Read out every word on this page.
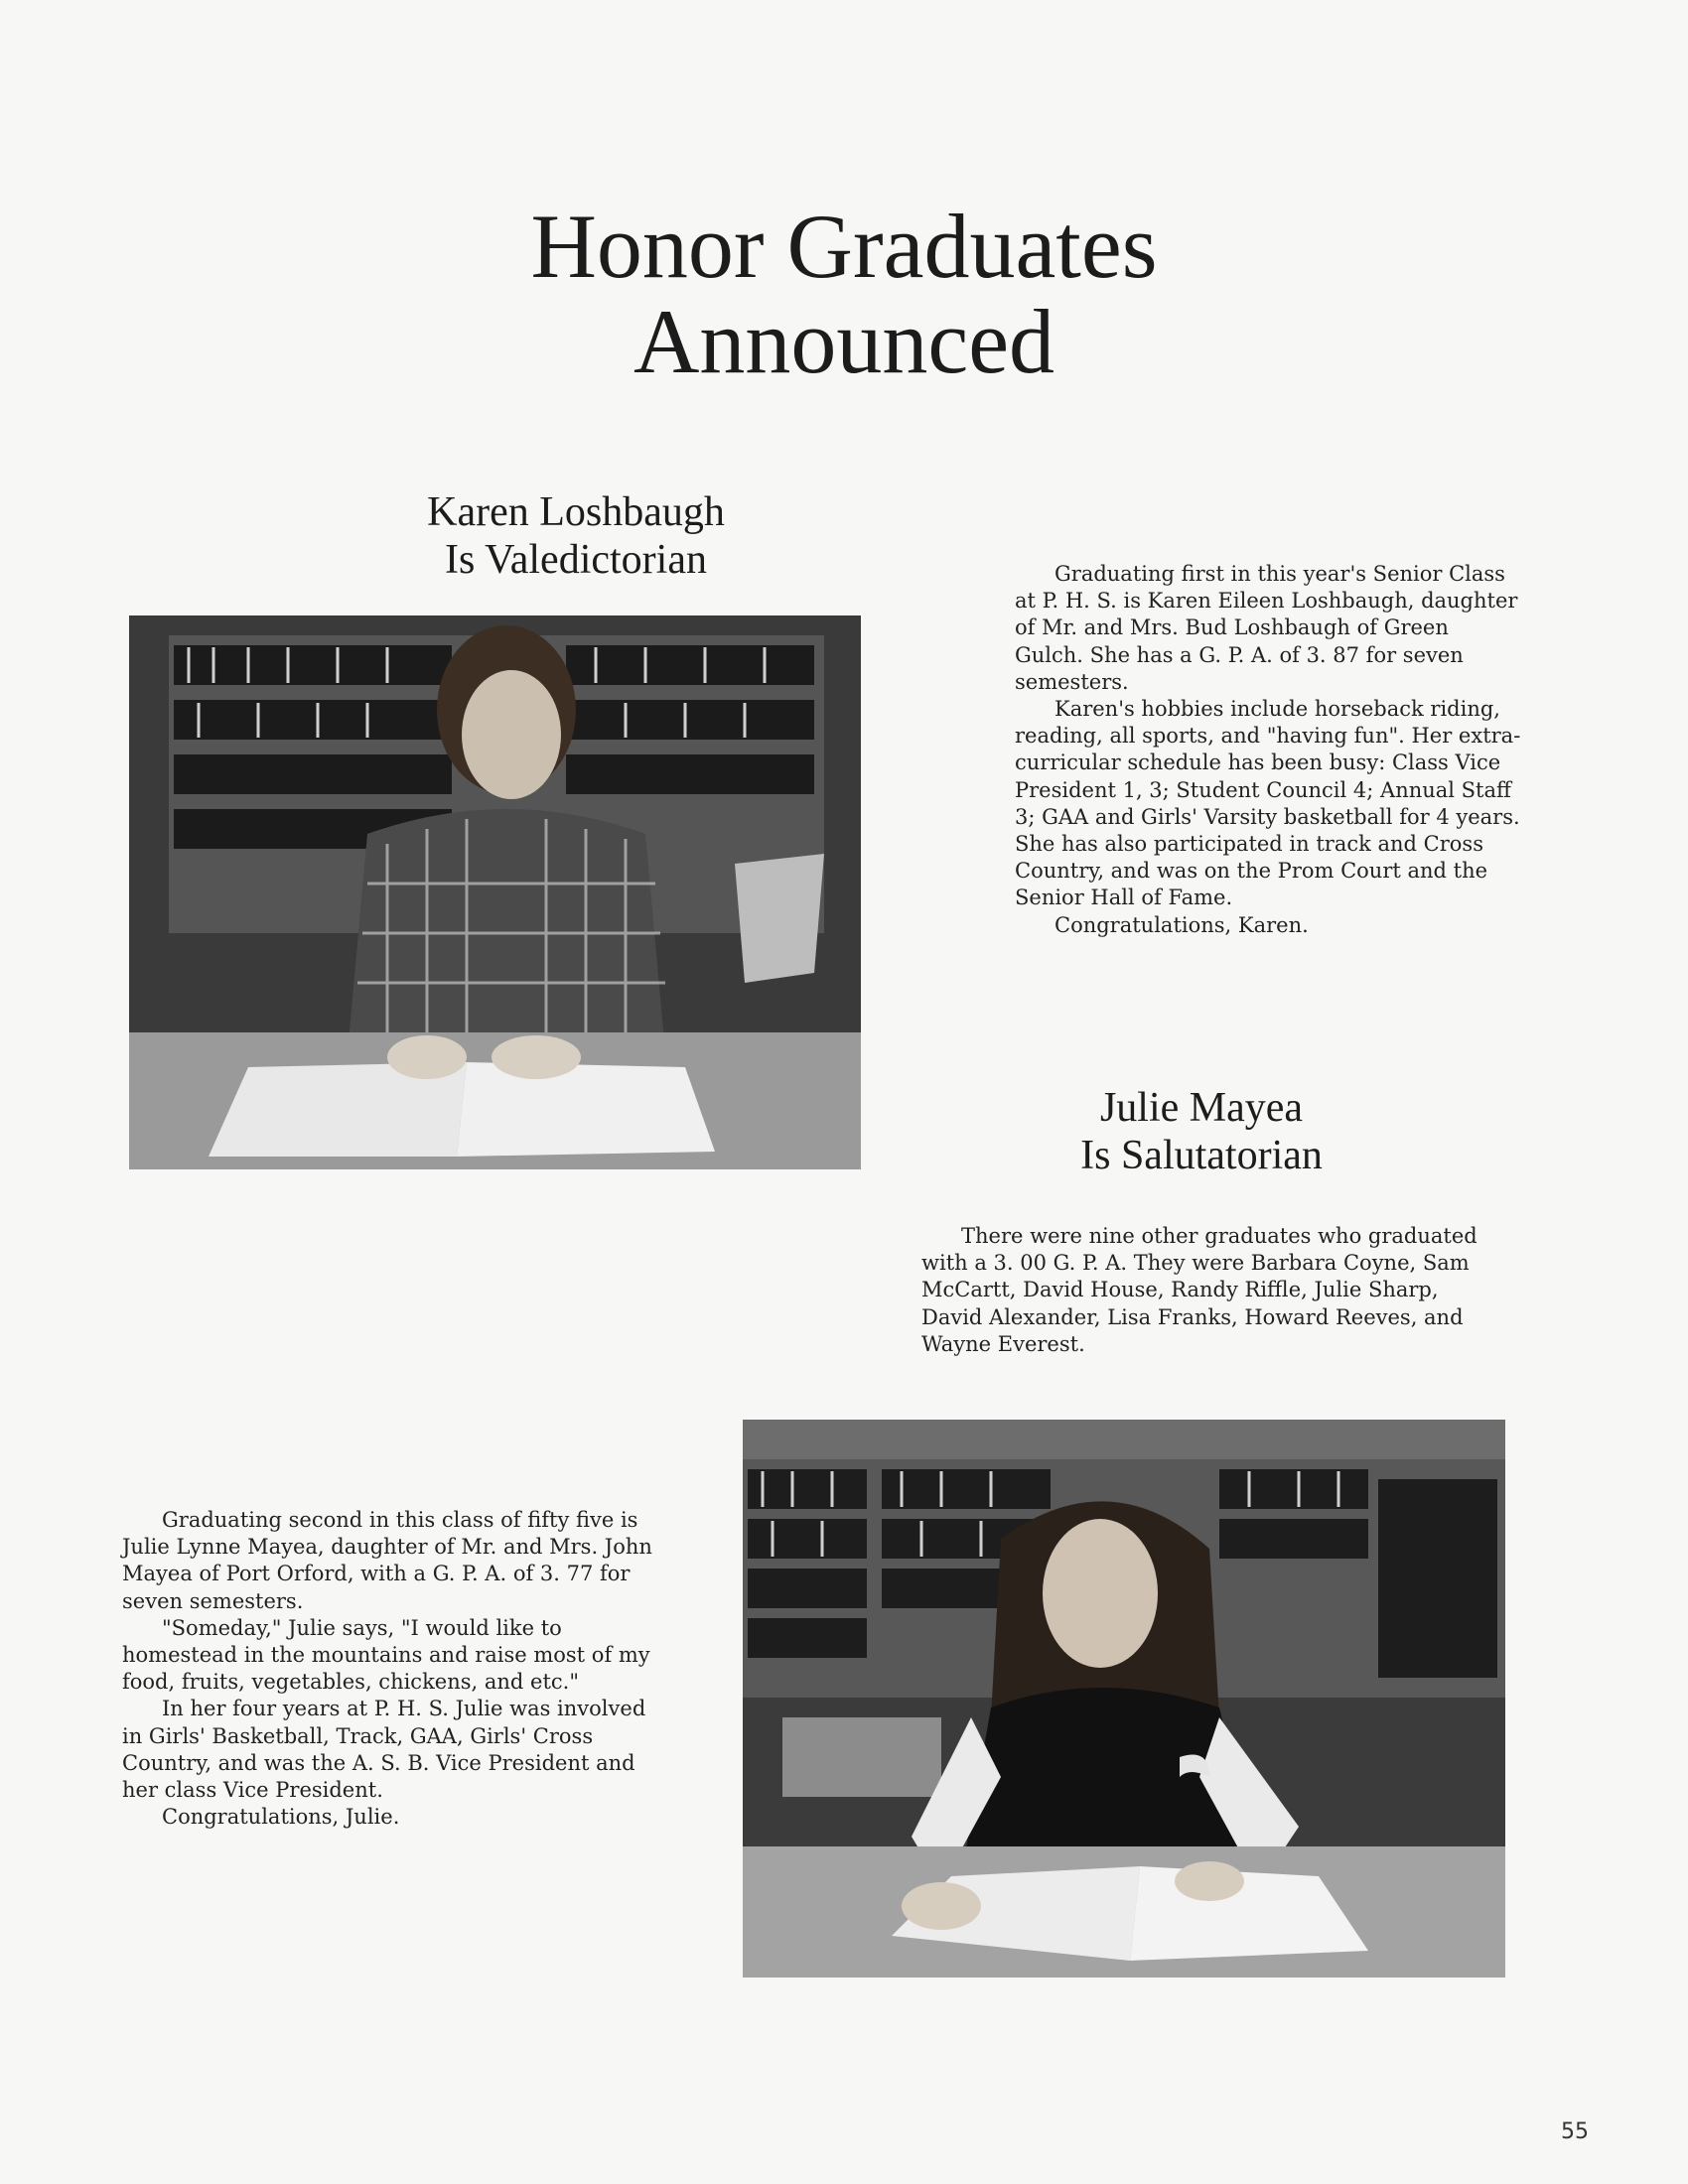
Honor Graduates
Announced
Karen Loshbaugh
Is Valedictorian	Graduating first in this year's Senior Class at P. H. S. is Karen Eileen Loshbaugh, daughter of Mr. and Mrs. Bud Loshbaugh of Green Gulch. She has a G. P. A. of 3. 87 for seven semesters.

Karen's hobbies include horseback riding, reading, all sports, and "having fun". Her extra-curricular schedule has been busy: Class Vice President 1, 3; Student Council 4; Annual Staff 3; GAA and Girls' Varsity basketball for 4 years. She has also participated in track and Cross Country, and was on the Prom Court and the Senior Hall of Fame.

Congratulations, Karen.

Julie Mayea
Is Salutatorian

There were nine other graduates who graduated with a 3. 00 G. P. A. They were Barbara Coyne, Sam McCartt, David House, Randy Riffle, Julie Sharp, David Alexander, Lisa Franks, Howard Reeves, and Wayne Everest.

Graduating second in this class of fifty five is Julie Lynne Mayea, daughter of Mr. and Mrs. John Mayea of Port Orford, with a G. P. A. of 3. 77 for seven semesters.

"Someday," Julie says, "I would like to homestead in the mountains and raise most of my food, fruits, vegetables, chickens, and etc."

In her four years at P. H. S. Julie was involved in Girls' Basketball, Track, GAA, Girls' Cross Country, and was the A. S. B. Vice President and her class Vice President.

Congratulations, Julie.

55
